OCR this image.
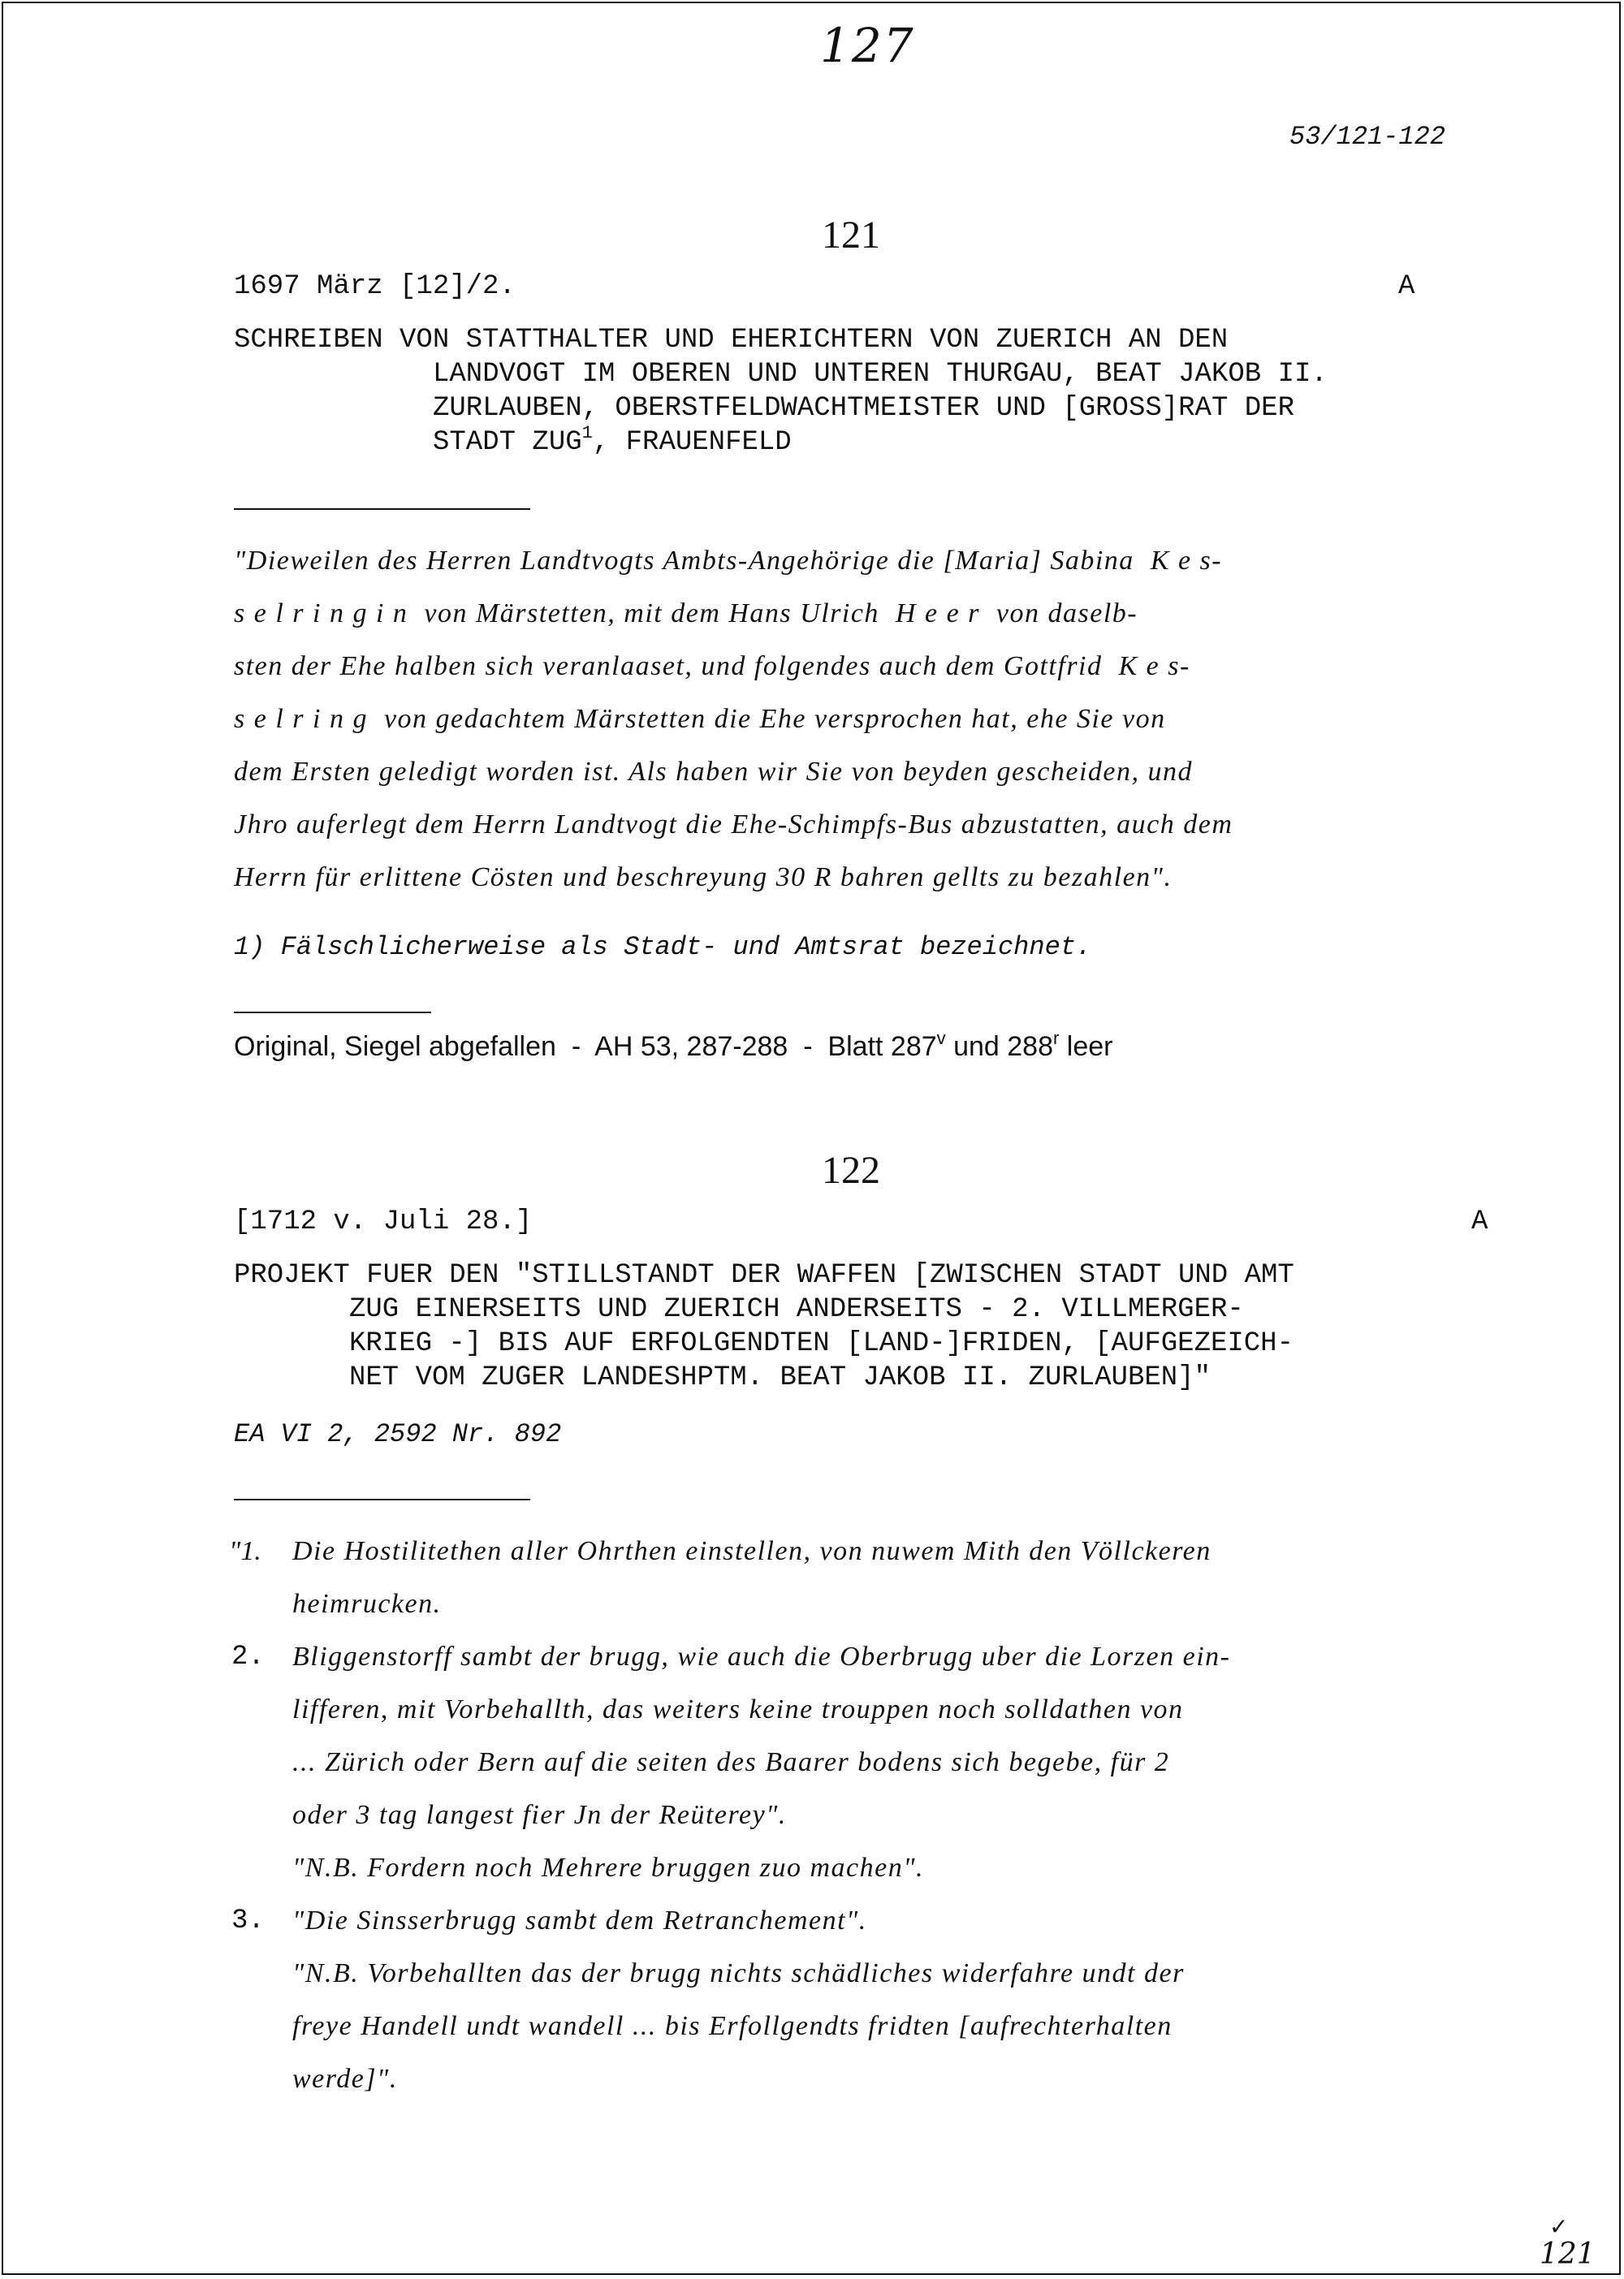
127
53/121-122
121
1697 März [12]/2.	A
SCHREIBEN VON STATTHALTER UND EHERICHTERN VON ZUERICH AN DEN
LANDVOGT IM OBEREN UND UNTEREN THURGAU, BEAT JAKOB II.
ZURLAUBEN, OBERSTFELDWACHTMEISTER UND [GROSS]RAT DER
STADT ZUG$^1$, FRAUENFELD
"Dieweilen des Herren Landtvogts Ambts-Angehörige die [Maria] Sabina  K e s-
s e l r i n g i n  von Märstetten, mit dem Hans Ulrich  H e e r  von daselb-
sten der Ehe halben sich veranlaaset, und folgendes auch dem Gottfrid  K e s-
s e l r i n g  von gedachtem Märstetten die Ehe versprochen hat, ehe Sie von
dem Ersten geledigt worden ist. Als haben wir Sie von beyden gescheiden, und
Jhro auferlegt dem Herrn Landtvogt die Ehe-Schimpfs-Bus abzustatten, auch dem
Herrn für erlittene Cösten und beschreyung 30 R bahren gellts zu bezahlen".
1) Fälschlicherweise als Stadt- und Amtsrat bezeichnet.
Original, Siegel abgefallen  -  AH 53, 287-288  -  Blatt 287$^v$ und 288$^r$ leer
122
[1712 v. Juli 28.]	A
PROJEKT FUER DEN "STILLSTANDT DER WAFFEN [ZWISCHEN STADT UND AMT
ZUG EINERSEITS UND ZUERICH ANDERSEITS - 2. VILLMERGER-
KRIEG -] BIS AUF ERFOLGENDTEN [LAND-]FRIDEN, [AUFGEZEICH-
NET VOM ZUGER LANDESHPTM. BEAT JAKOB II. ZURLAUBEN]"
EA VI 2, 2592 Nr. 892
"1. Die Hostilitethen aller Ohrthen einstellen, von nuwem Mith den Völlckeren
heimrucken.
2. Bliggenstorff sambt der brugg, wie auch die Oberbrugg uber die Lorzen ein-
lifferen, mit Vorbehallth, das weiters keine trouppen noch solldathen von
... Zürich oder Bern auf die seiten des Baarer bodens sich begebe, für 2
oder 3 tag langest fier Jn der Reüterey".
"N.B. Fordern noch Mehrere bruggen zuo machen".
3. "Die Sinsserbrugg sambt dem Retranchement".
"N.B. Vorbehallten das der brugg nichts schädliches widerfahre undt der
freye Handell undt wandell ... bis Erfollgendts fridten [aufrechterhalten
werde]".
✓
121
